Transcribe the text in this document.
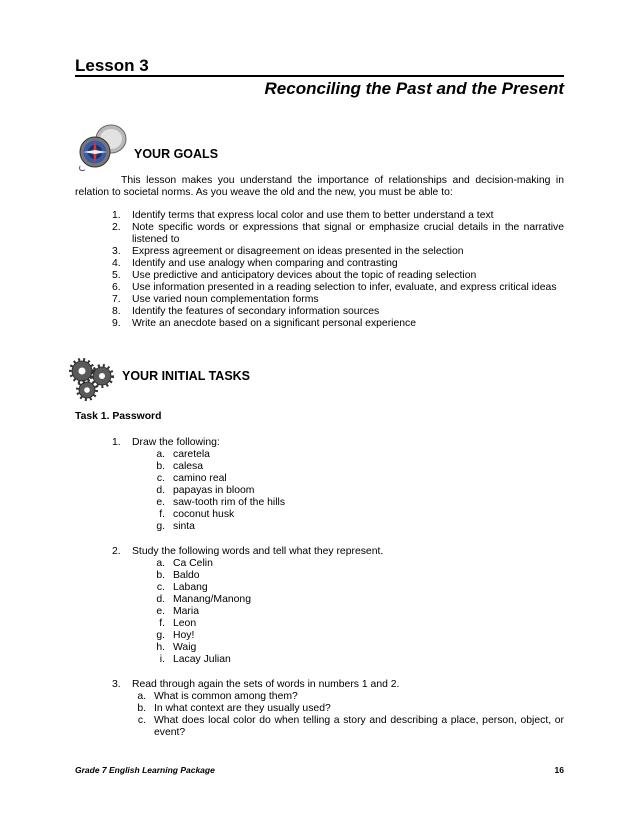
Lesson 3
Reconciling the Past and the Present
YOUR GOALS
This lesson makes you understand the importance of relationships and decision-making in relation to societal norms. As you weave the old and the new, you must be able to:
1. Identify terms that express local color and use them to better understand a text
2. Note specific words or expressions that signal or emphasize crucial details in the narrative listened to
3. Express agreement or disagreement on ideas presented in the selection
4. Identify and use analogy when comparing and contrasting
5. Use predictive and anticipatory devices about the topic of reading selection
6. Use information presented in a reading selection to infer, evaluate, and express critical ideas
7. Use varied noun complementation forms
8. Identify the features of secondary information sources
9. Write an anecdote based on a significant personal experience
YOUR INITIAL TASKS
Task 1. Password
1. Draw the following:
a. caretela
b. calesa
c. camino real
d. papayas in bloom
e. saw-tooth rim of the hills
f. coconut husk
g. sinta
2. Study the following words and tell what they represent.
a. Ca Celin
b. Baldo
c. Labang
d. Manang/Manong
e. Maria
f. Leon
g. Hoy!
h. Waig
i. Lacay Julian
3. Read through again the sets of words in numbers 1 and 2.
a. What is common among them?
b. In what context are they usually used?
c. What does local color do when telling a story and describing a place, person, object, or event?
Grade 7 English Learning Package	16
